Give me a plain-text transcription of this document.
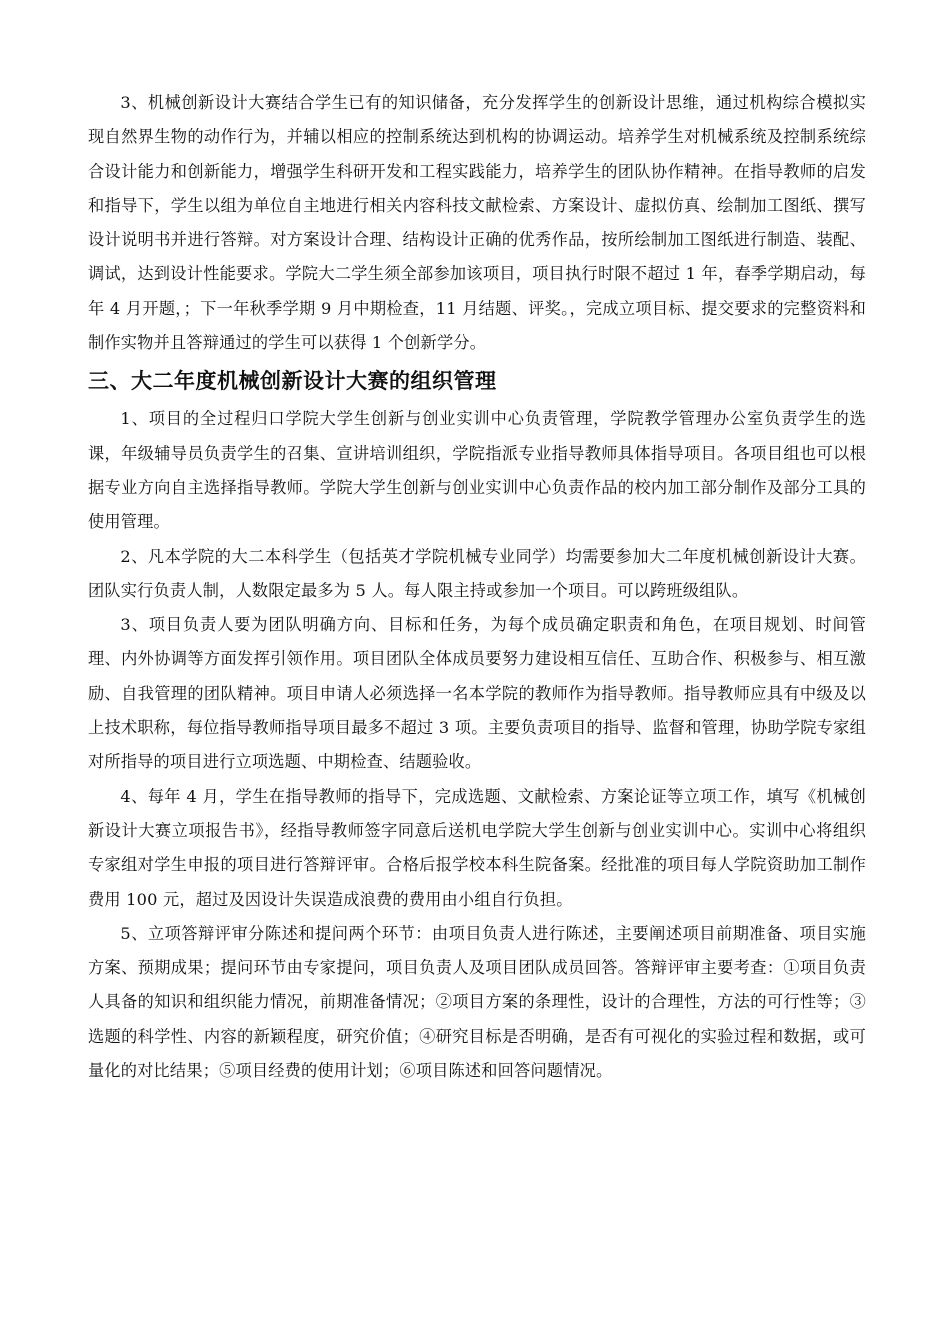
3、机械创新设计大赛结合学生已有的知识储备，充分发挥学生的创新设计思维，通过机构综合模拟实现自然界生物的动作行为，并辅以相应的控制系统达到机构的协调运动。培养学生对机械系统及控制系统综合设计能力和创新能力，增强学生科研开发和工程实践能力，培养学生的团队协作精神。在指导教师的启发和指导下，学生以组为单位自主地进行相关内容科技文献检索、方案设计、虚拟仿真、绘制加工图纸、撰写设计说明书并进行答辩。对方案设计合理、结构设计正确的优秀作品，按所绘制加工图纸进行制造、装配、调试，达到设计性能要求。学院大二学生须全部参加该项目，项目执行时限不超过 1 年，春季学期启动，每年 4 月开题，；下一年秋季学期 9 月中期检查，11 月结题、评奖。，完成立项目标、提交要求的完整资料和制作实物并且答辩通过的学生可以获得 1 个创新学分。

三、大二年度机械创新设计大赛的组织管理

1、项目的全过程归口学院大学生创新与创业实训中心负责管理，学院教学管理办公室负责学生的选课，年级辅导员负责学生的召集、宣讲培训组织，学院指派专业指导教师具体指导项目。各项目组也可以根据专业方向自主选择指导教师。学院大学生创新与创业实训中心负责作品的校内加工部分制作及部分工具的使用管理。

2、凡本学院的大二本科学生（包括英才学院机械专业同学）均需要参加大二年度机械创新设计大赛。团队实行负责人制，人数限定最多为 5 人。每人限主持或参加一个项目。可以跨班级组队。

3、项目负责人要为团队明确方向、目标和任务，为每个成员确定职责和角色，在项目规划、时间管理、内外协调等方面发挥引领作用。项目团队全体成员要努力建设相互信任、互助合作、积极参与、相互激励、自我管理的团队精神。项目申请人必须选择一名本学院的教师作为指导教师。指导教师应具有中级及以上技术职称，每位指导教师指导项目最多不超过 3 项。主要负责项目的指导、监督和管理，协助学院专家组对所指导的项目进行立项选题、中期检查、结题验收。

4、每年 4 月，学生在指导教师的指导下，完成选题、文献检索、方案论证等立项工作，填写《机械创新设计大赛立项报告书》，经指导教师签字同意后送机电学院大学生创新与创业实训中心。实训中心将组织专家组对学生申报的项目进行答辩评审。合格后报学校本科生院备案。经批准的项目每人学院资助加工制作费用 100 元，超过及因设计失误造成浪费的费用由小组自行负担。

5、立项答辩评审分陈述和提问两个环节：由项目负责人进行陈述，主要阐述项目前期准备、项目实施方案、预期成果；提问环节由专家提问，项目负责人及项目团队成员回答。答辩评审主要考查：①项目负责人具备的知识和组织能力情况，前期准备情况；②项目方案的条理性，设计的合理性，方法的可行性等；③选题的科学性、内容的新颖程度，研究价值；④研究目标是否明确，是否有可视化的实验过程和数据，或可量化的对比结果；⑤项目经费的使用计划；⑥项目陈述和回答问题情况。
